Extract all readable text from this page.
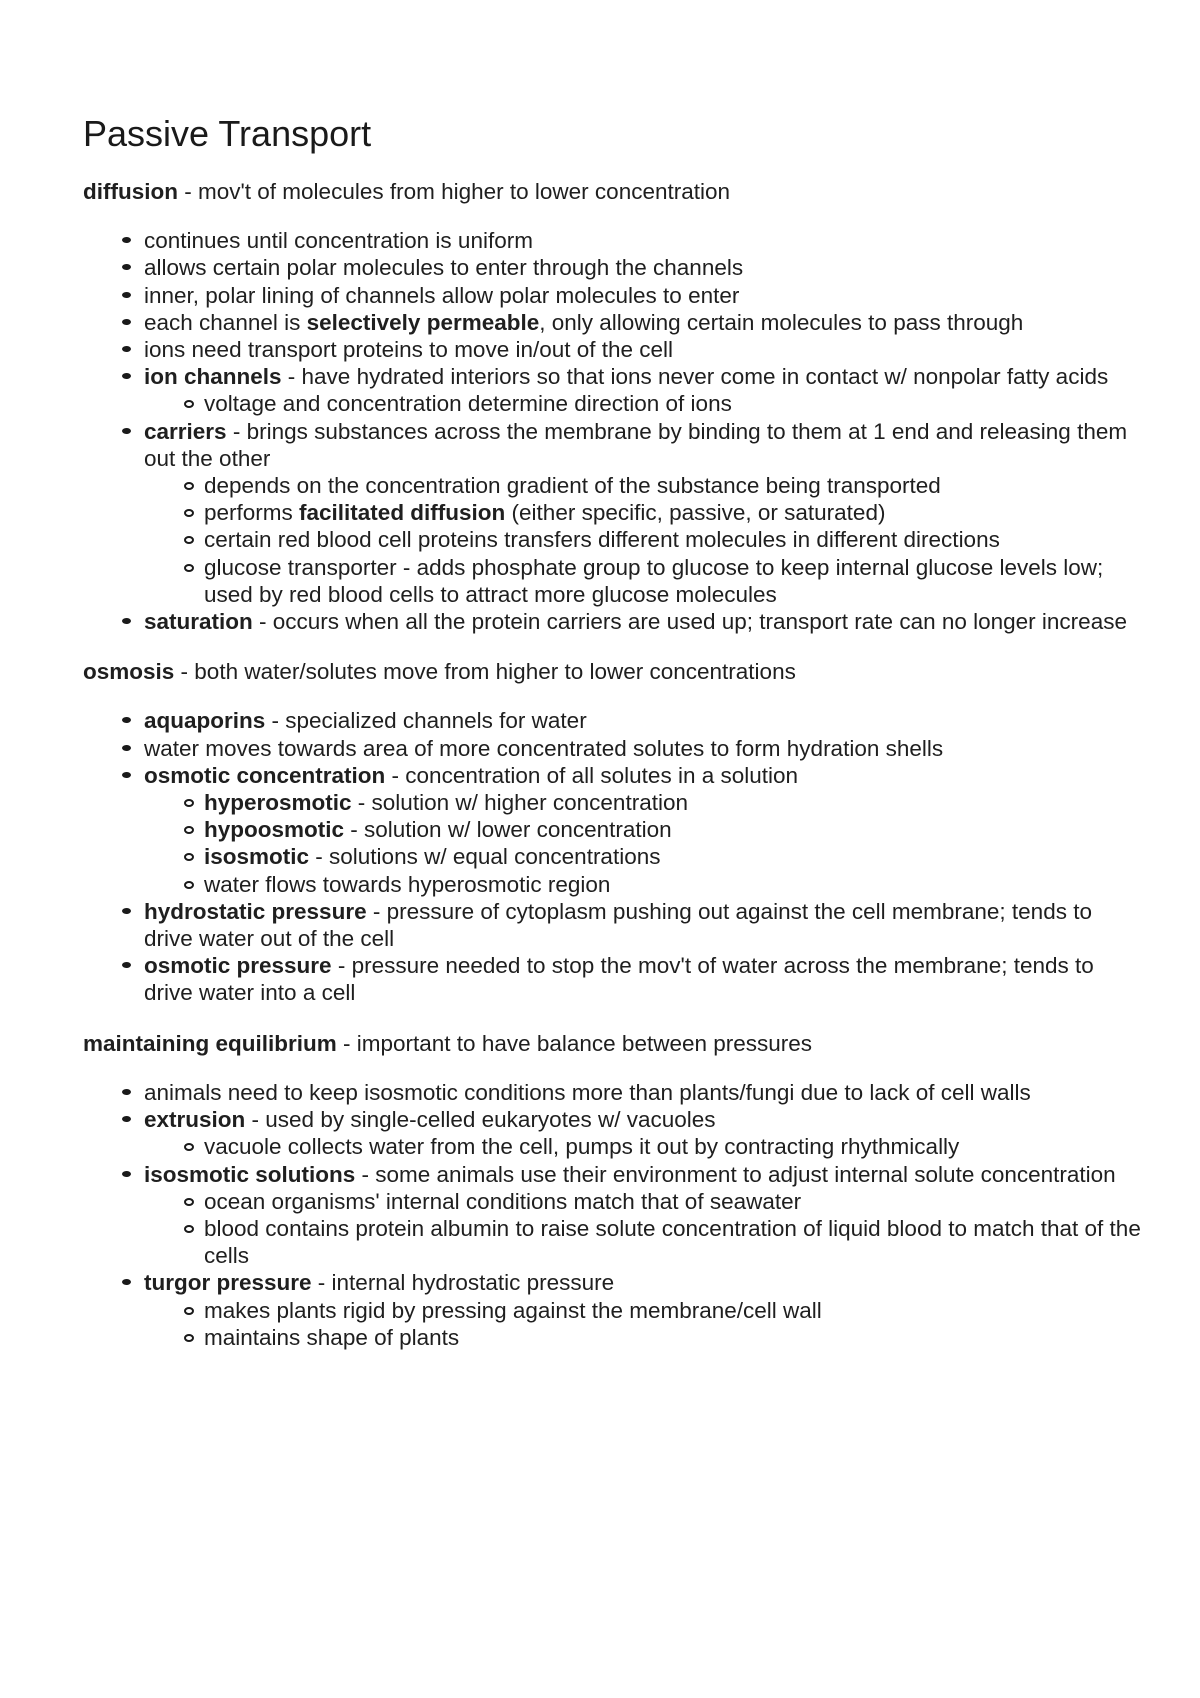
Passive Transport

diffusion - mov't of molecules from higher to lower concentration

continues until concentration is uniform
allows certain polar molecules to enter through the channels
inner, polar lining of channels allow polar molecules to enter
each channel is selectively permeable, only allowing certain molecules to pass through
ions need transport proteins to move in/out of the cell
ion channels - have hydrated interiors so that ions never come in contact w/ nonpolar fatty acids
voltage and concentration determine direction of ions
carriers - brings substances across the membrane by binding to them at 1 end and releasing them out the other
depends on the concentration gradient of the substance being transported
performs facilitated diffusion (either specific, passive, or saturated)
certain red blood cell proteins transfers different molecules in different directions
glucose transporter - adds phosphate group to glucose to keep internal glucose levels low; used by red blood cells to attract more glucose molecules
saturation - occurs when all the protein carriers are used up; transport rate can no longer increase

osmosis - both water/solutes move from higher to lower concentrations

aquaporins - specialized channels for water
water moves towards area of more concentrated solutes to form hydration shells
osmotic concentration - concentration of all solutes in a solution
hyperosmotic - solution w/ higher concentration
hypoosmotic - solution w/ lower concentration
isosmotic - solutions w/ equal concentrations
water flows towards hyperosmotic region
hydrostatic pressure - pressure of cytoplasm pushing out against the cell membrane; tends to drive water out of the cell
osmotic pressure - pressure needed to stop the mov't of water across the membrane; tends to drive water into a cell

maintaining equilibrium - important to have balance between pressures

animals need to keep isosmotic conditions more than plants/fungi due to lack of cell walls
extrusion - used by single-celled eukaryotes w/ vacuoles
vacuole collects water from the cell, pumps it out by contracting rhythmically
isosmotic solutions - some animals use their environment to adjust internal solute concentration
ocean organisms' internal conditions match that of seawater
blood contains protein albumin to raise solute concentration of liquid blood to match that of the cells
turgor pressure - internal hydrostatic pressure
makes plants rigid by pressing against the membrane/cell wall
maintains shape of plants
